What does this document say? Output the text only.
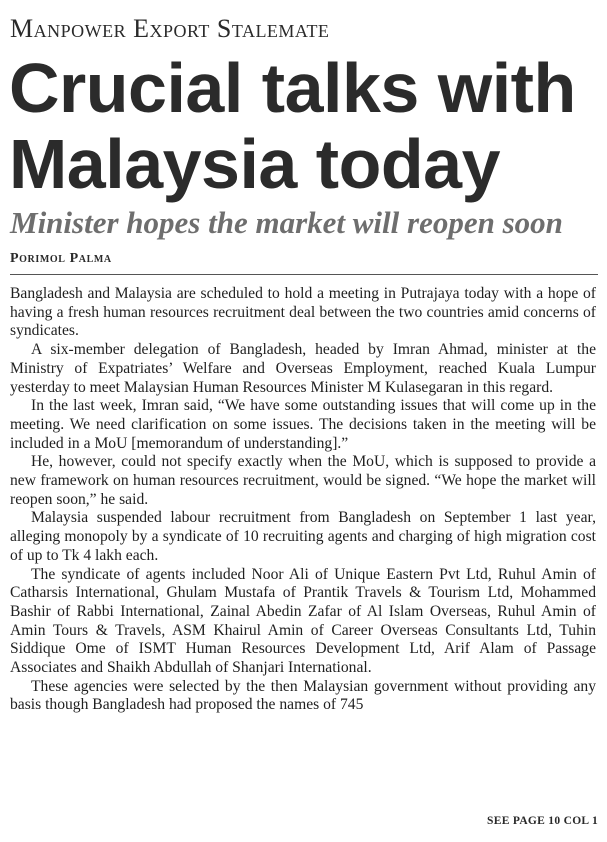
Manpower Export Stalemate
Crucial talks with
Malaysia today
Minister hopes the market will reopen soon
Porimol Palma

Bangladesh and Malaysia are scheduled to hold a meeting in Putrajaya today with a hope of having a fresh human resources recruitment deal between the two countries amid concerns of syndicates.

A six-member delegation of Bangladesh, headed by Imran Ahmad, minister at the Ministry of Expatriates’ Welfare and Overseas Employment, reached Kuala Lumpur yesterday to meet Malaysian Human Resources Minister M Kulasegaran in this regard.

In the last week, Imran said, “We have some outstanding issues that will come up in the meeting. We need clarification on some issues. The decisions taken in the meeting will be included in a MoU [memorandum of understanding].”

He, however, could not specify exactly when the MoU, which is supposed to provide a new framework on human resources recruitment, would be signed. “We hope the market will reopen soon,” he said.

Malaysia suspended labour recruitment from Bangladesh on September 1 last year, alleging monopoly by a syndicate of 10 recruiting agents and charging of high migration cost of up to Tk 4 lakh each.

The syndicate of agents included Noor Ali of Unique Eastern Pvt Ltd, Ruhul Amin of Catharsis International, Ghulam Mustafa of Prantik Travels & Tourism Ltd, Mohammed Bashir of Rabbi International, Zainal Abedin Zafar of Al Islam Overseas, Ruhul Amin of Amin Tours & Travels, ASM Khairul Amin of Career Overseas Consultants Ltd, Tuhin Siddique Ome of ISMT Human Resources Development Ltd, Arif Alam of Passage Associates and Shaikh Abdullah of Shanjari International.

These agencies were selected by the then Malaysian government without providing any basis though Bangladesh had proposed the names of 745

SEE PAGE 10 COL 1
